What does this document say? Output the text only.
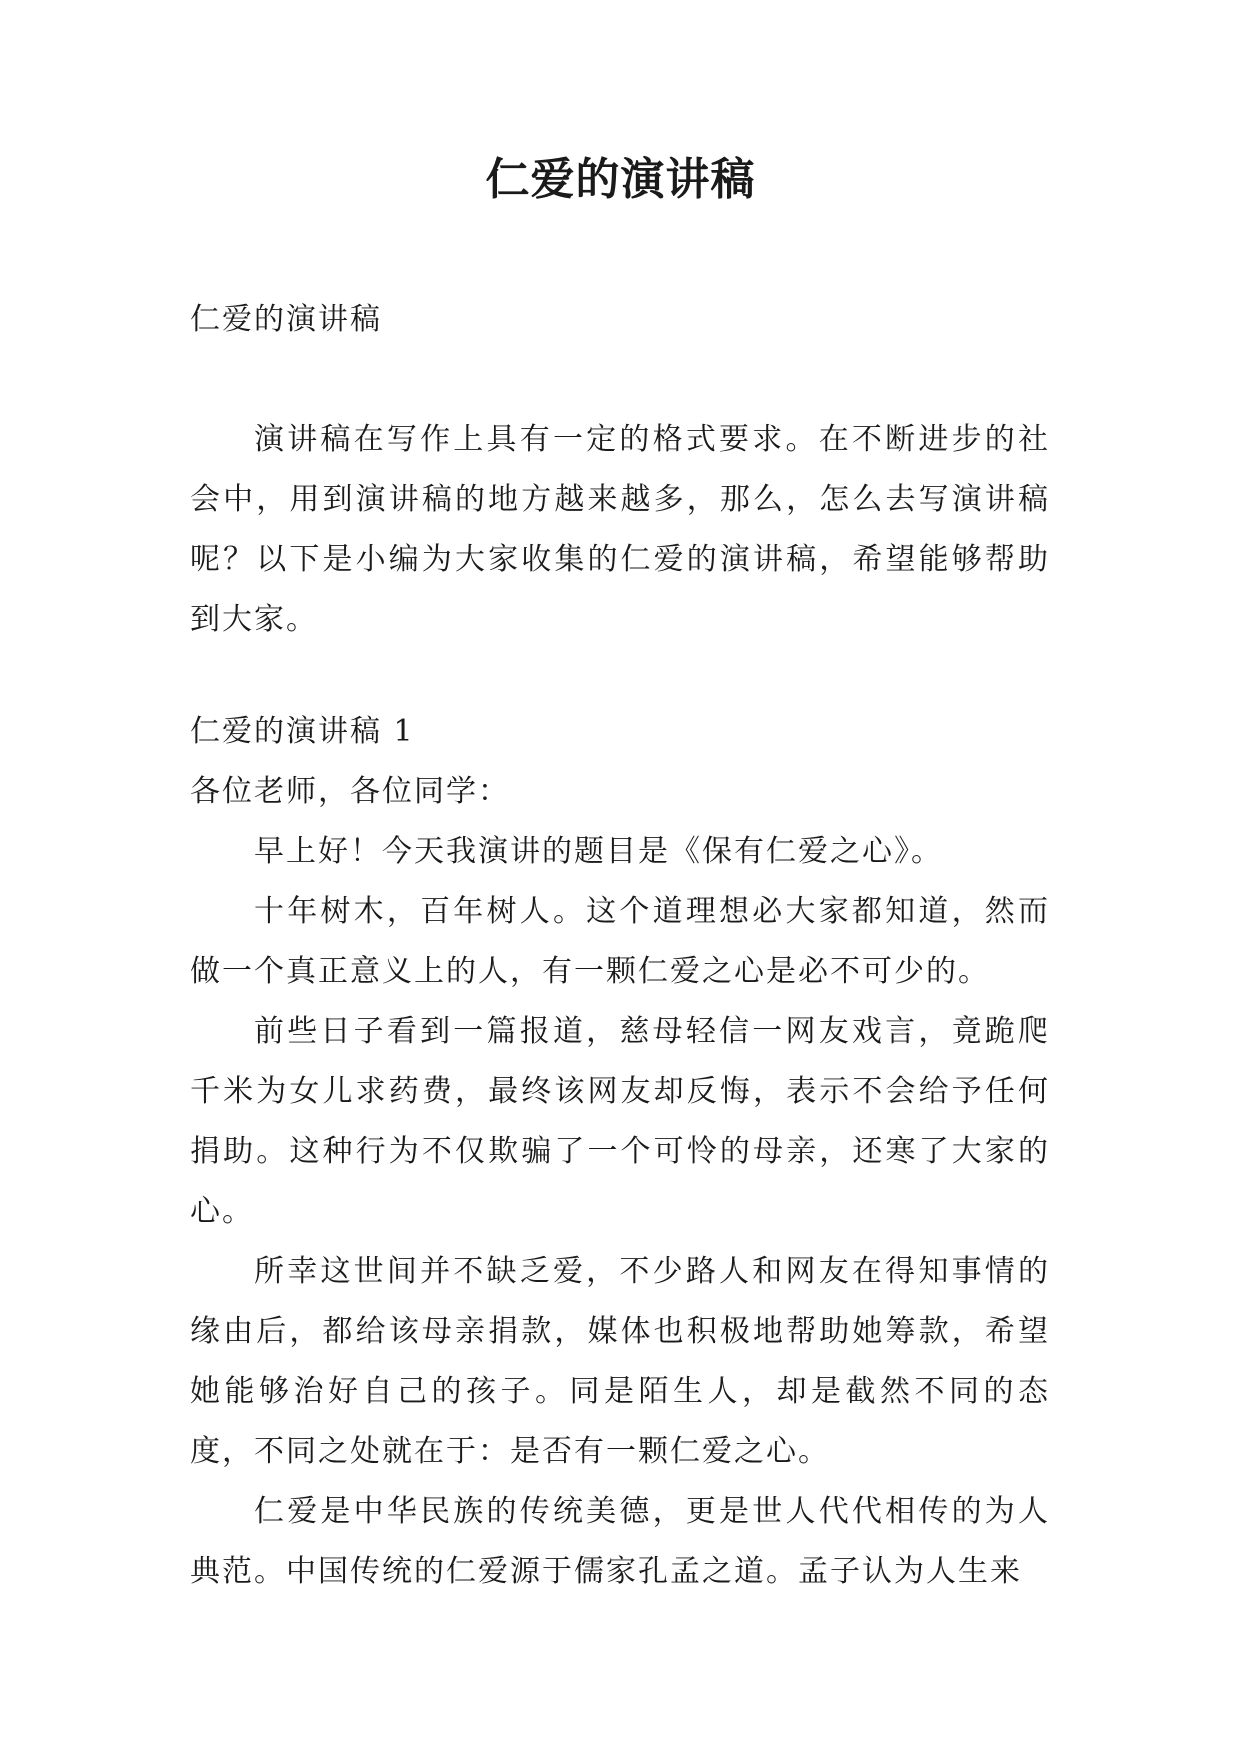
仁爱的演讲稿

仁爱的演讲稿

演讲稿在写作上具有一定的格式要求。在不断进步的社会中，用到演讲稿的地方越来越多，那么，怎么去写演讲稿呢？以下是小编为大家收集的仁爱的演讲稿，希望能够帮助到大家。

仁爱的演讲稿 1

各位老师，各位同学：

早上好！今天我演讲的题目是《保有仁爱之心》。

十年树木，百年树人。这个道理想必大家都知道，然而做一个真正意义上的人，有一颗仁爱之心是必不可少的。

前些日子看到一篇报道，慈母轻信一网友戏言，竟跪爬千米为女儿求药费，最终该网友却反悔，表示不会给予任何捐助。这种行为不仅欺骗了一个可怜的母亲，还寒了大家的心。

所幸这世间并不缺乏爱，不少路人和网友在得知事情的缘由后，都给该母亲捐款，媒体也积极地帮助她筹款，希望她能够治好自己的孩子。同是陌生人，却是截然不同的态度，不同之处就在于：是否有一颗仁爱之心。

仁爱是中华民族的传统美德，更是世人代代相传的为人典范。中国传统的仁爱源于儒家孔孟之道。孟子认为人生来
